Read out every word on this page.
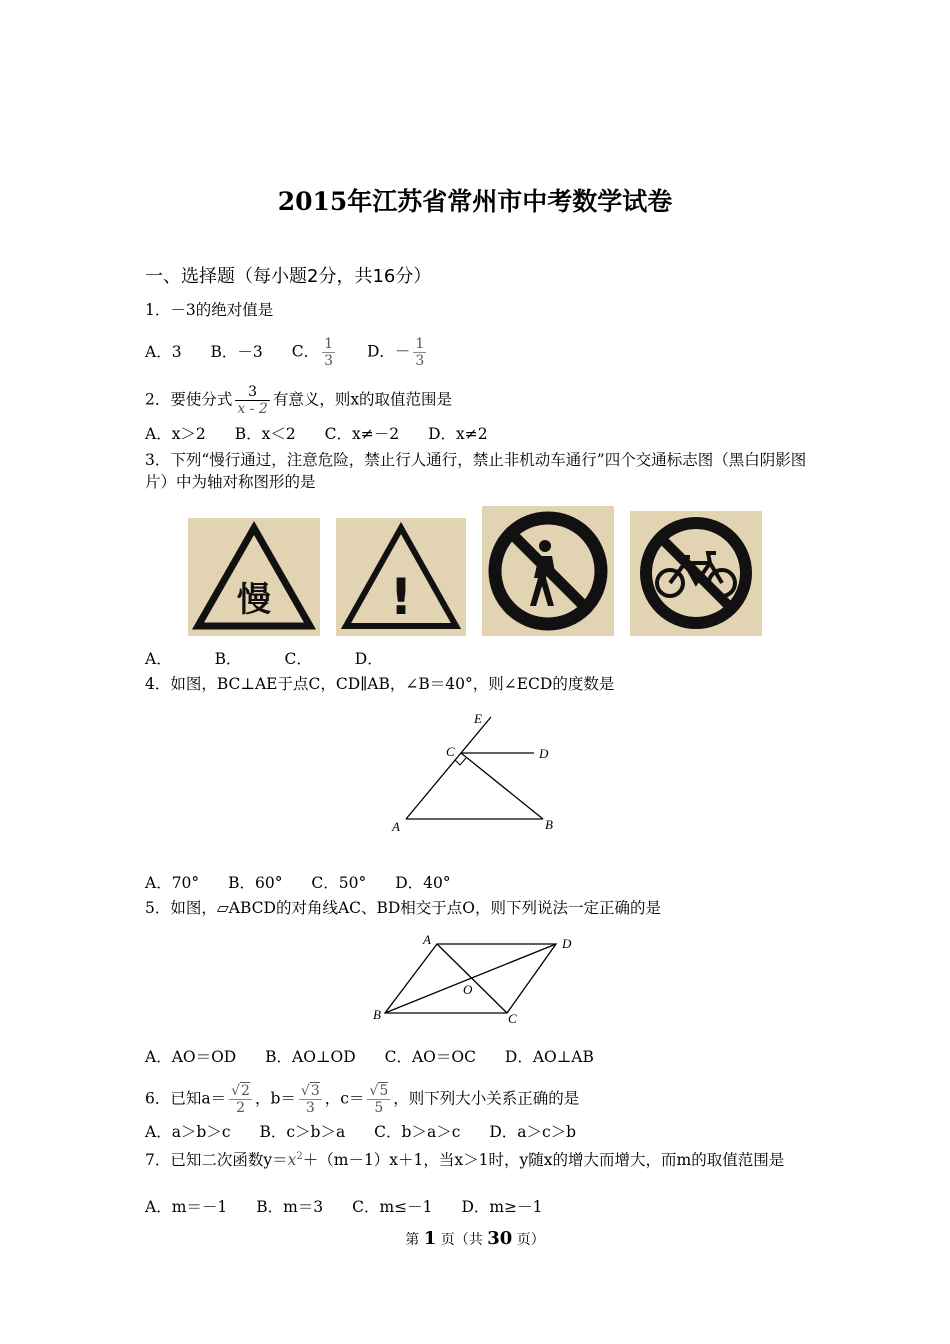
2015年江苏省常州市中考数学试卷
一、选择题（每小题2分，共16分）
1．－3的绝对值是
A．3 B．－3 C． $\frac{1}{3}$ D．－ $\frac{1}{3}$
2．要使分式 $\frac{3}{x - 2}$ 有意义，则x的取值范围是
A．x＞2 B．x＜2 C．x≠－2 D．x≠2
3．下列“慢行通过，注意危险，禁止行人通行，禁止非机动车通行”四个交通标志图（黑白阴影图片）中为轴对称图形的是
慢 !
A．	B．	C．	D．
4．如图，BC⊥AE于点C，CD∥AB，∠B＝40°，则∠ECD的度数是
E
C	D
A	B
A．70° B．60° C．50° D．40°
5．如图，▱ABCD的对角线AC、BD相交于点O，则下列说法一定正确的是
A	D
O
B	C
A．AO＝OD B．AO⊥OD C．AO＝OC D．AO⊥AB
6．已知$a= \frac{√2}{2}$ ，$b= \frac{√3}{3}$ ，$c= \frac{√5}{5}$ ，则下列大小关系正确的是
A．a＞b＞c B．c＞b＞a C．b＞a＞c D．a＞c＞b
7．已知二次函数$y=x^2+(m-1)x+1$，当x＞1时，y随x的增大而增大，而m的取值范围是
A．m＝－1 B．m＝3 C．m≤－1 D．m≥－1
第 1 页（共 30 页）
